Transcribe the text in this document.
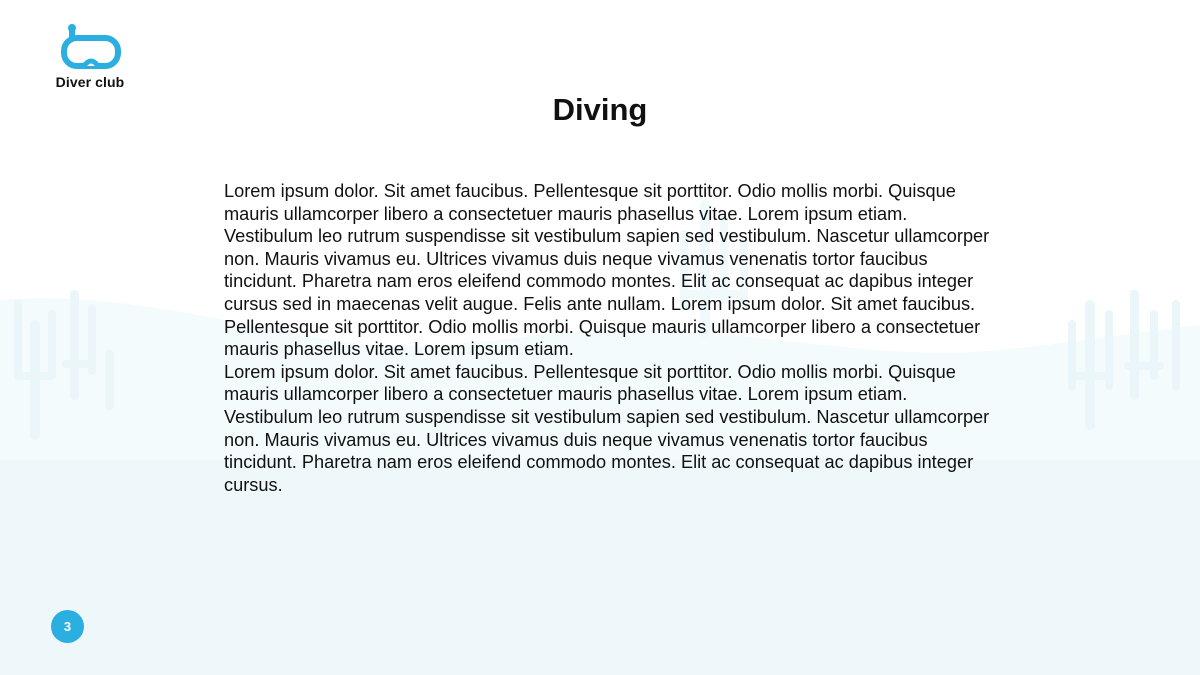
Diver club
Diving

Lorem ipsum dolor. Sit amet faucibus. Pellentesque sit porttitor. Odio mollis morbi. Quisque mauris ullamcorper libero a consectetuer mauris phasellus vitae. Lorem ipsum etiam. Vestibulum leo rutrum suspendisse sit vestibulum sapien sed vestibulum. Nascetur ullamcorper non. Mauris vivamus eu. Ultrices vivamus duis neque vivamus venenatis tortor faucibus tincidunt. Pharetra nam eros eleifend commodo montes. Elit ac consequat ac dapibus integer cursus sed in maecenas velit augue. Felis ante nullam. Lorem ipsum dolor. Sit amet faucibus. Pellentesque sit porttitor. Odio mollis morbi. Quisque mauris ullamcorper libero a consectetuer mauris phasellus vitae. Lorem ipsum etiam.

Lorem ipsum dolor. Sit amet faucibus. Pellentesque sit porttitor. Odio mollis morbi. Quisque mauris ullamcorper libero a consectetuer mauris phasellus vitae. Lorem ipsum etiam. Vestibulum leo rutrum suspendisse sit vestibulum sapien sed vestibulum. Nascetur ullamcorper non. Mauris vivamus eu. Ultrices vivamus duis neque vivamus venenatis tortor faucibus tincidunt. Pharetra nam eros eleifend commodo montes. Elit ac consequat ac dapibus integer cursus.

3
